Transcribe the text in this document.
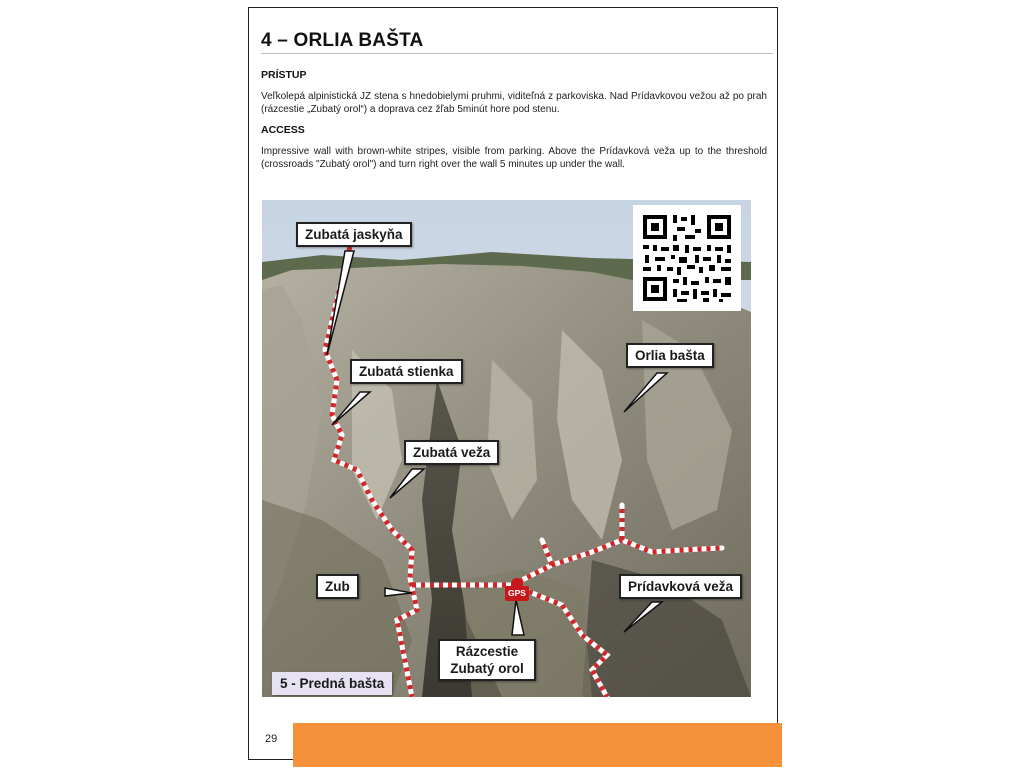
4 – ORLIA BAŠTA
PRÍSTUP
Veľkolepá alpinistická JZ stena s hnedobielymi pruhmi, viditeľná z parkoviska. Nad Prídavkovou vežou až po prah (rázcestie „Zubatý orol“) a doprava cez žľab 5minút hore pod stenu.
ACCESS
Impressive wall with brown-white stripes, visible from parking. Above the Prídavková veža up to the threshold (crossroads "Zubatý orol") and turn right over the wall 5 minutes up under the wall.
Zubatá jaskyňa
Zubatá stienka
Orlia bašta
Zubatá veža
Zub	Prídavková veža
Rázcestie Zubatý orol
5 - Predná bašta
GPS
29
